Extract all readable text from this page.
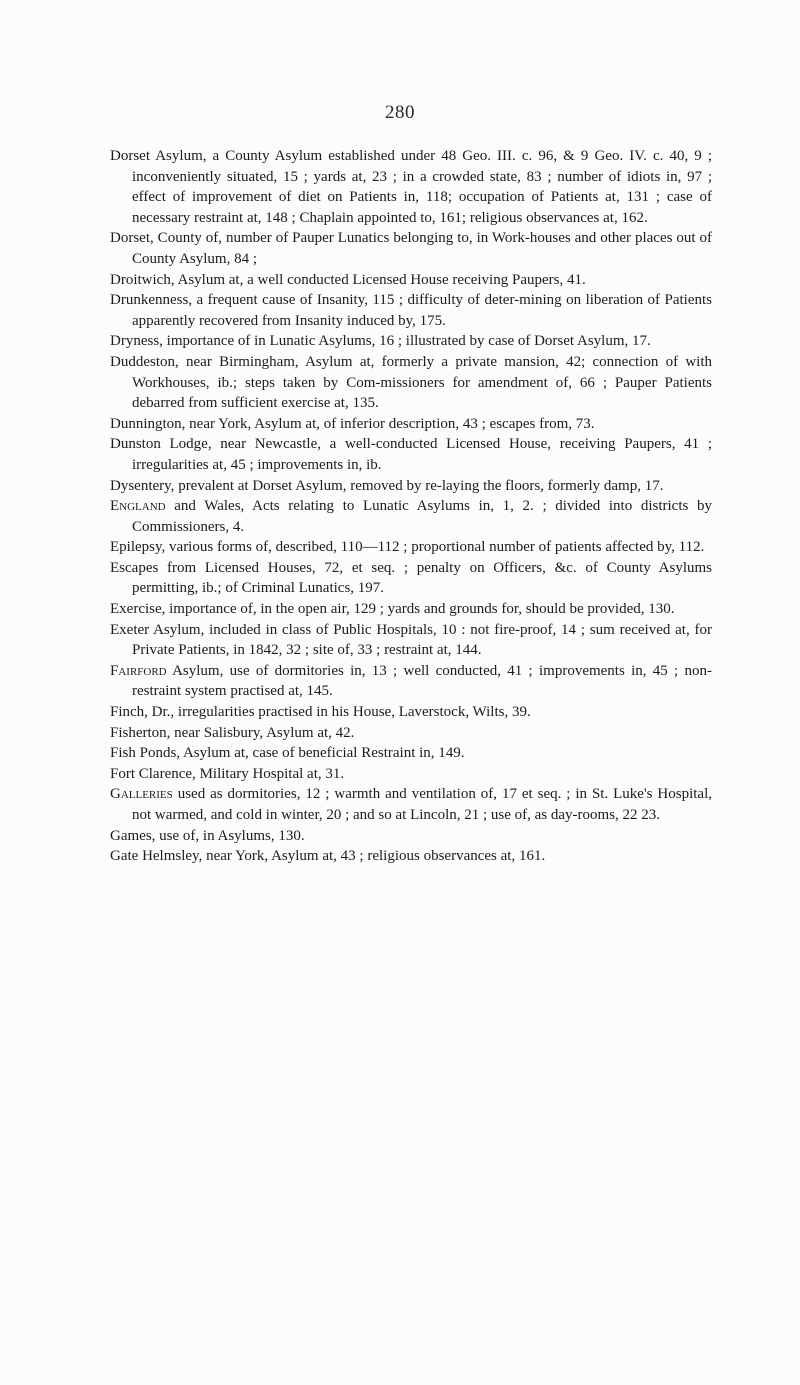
280

Dorset Asylum, a County Asylum established under 48 Geo. III. c. 96, & 9 Geo. IV. c. 40, 9 ; inconveniently situated, 15 ; yards at, 23 ; in a crowded state, 83 ; number of idiots in, 97 ; effect of improvement of diet on Patients in, 118; occupation of Patients at, 131 ; case of necessary restraint at, 148 ; Chaplain appointed to, 161; religious observances at, 162.

Dorset, County of, number of Pauper Lunatics belonging to, in Work-houses and other places out of County Asylum, 84 ;

Droitwich, Asylum at, a well conducted Licensed House receiving Paupers, 41.

Drunkenness, a frequent cause of Insanity, 115 ; difficulty of deter-mining on liberation of Patients apparently recovered from Insanity induced by, 175.

Dryness, importance of in Lunatic Asylums, 16 ; illustrated by case of Dorset Asylum, 17.

Duddeston, near Birmingham, Asylum at, formerly a private mansion, 42; connection of with Workhouses, ib.; steps taken by Com-missioners for amendment of, 66 ; Pauper Patients debarred from sufficient exercise at, 135.

Dunnington, near York, Asylum at, of inferior description, 43 ; escapes from, 73.

Dunston Lodge, near Newcastle, a well-conducted Licensed House, receiving Paupers, 41 ; irregularities at, 45 ; improvements in, ib.

Dysentery, prevalent at Dorset Asylum, removed by re-laying the floors, formerly damp, 17.

England and Wales, Acts relating to Lunatic Asylums in, 1, 2. ; divided into districts by Commissioners, 4.

Epilepsy, various forms of, described, 110—112 ; proportional number of patients affected by, 112.

Escapes from Licensed Houses, 72, et seq. ; penalty on Officers, &c. of County Asylums permitting, ib.; of Criminal Lunatics, 197.

Exercise, importance of, in the open air, 129 ; yards and grounds for, should be provided, 130.

Exeter Asylum, included in class of Public Hospitals, 10 : not fire-proof, 14 ; sum received at, for Private Patients, in 1842, 32 ; site of, 33 ; restraint at, 144.

Fairford Asylum, use of dormitories in, 13 ; well conducted, 41 ; improvements in, 45 ; non-restraint system practised at, 145.

Finch, Dr., irregularities practised in his House, Laverstock, Wilts, 39.

Fisherton, near Salisbury, Asylum at, 42.

Fish Ponds, Asylum at, case of beneficial Restraint in, 149.

Fort Clarence, Military Hospital at, 31.

Galleries used as dormitories, 12 ; warmth and ventilation of, 17 et seq. ; in St. Luke's Hospital, not warmed, and cold in winter, 20 ; and so at Lincoln, 21 ; use of, as day-rooms, 22 23.

Games, use of, in Asylums, 130.

Gate Helmsley, near York, Asylum at, 43 ; religious observances at, 161.
